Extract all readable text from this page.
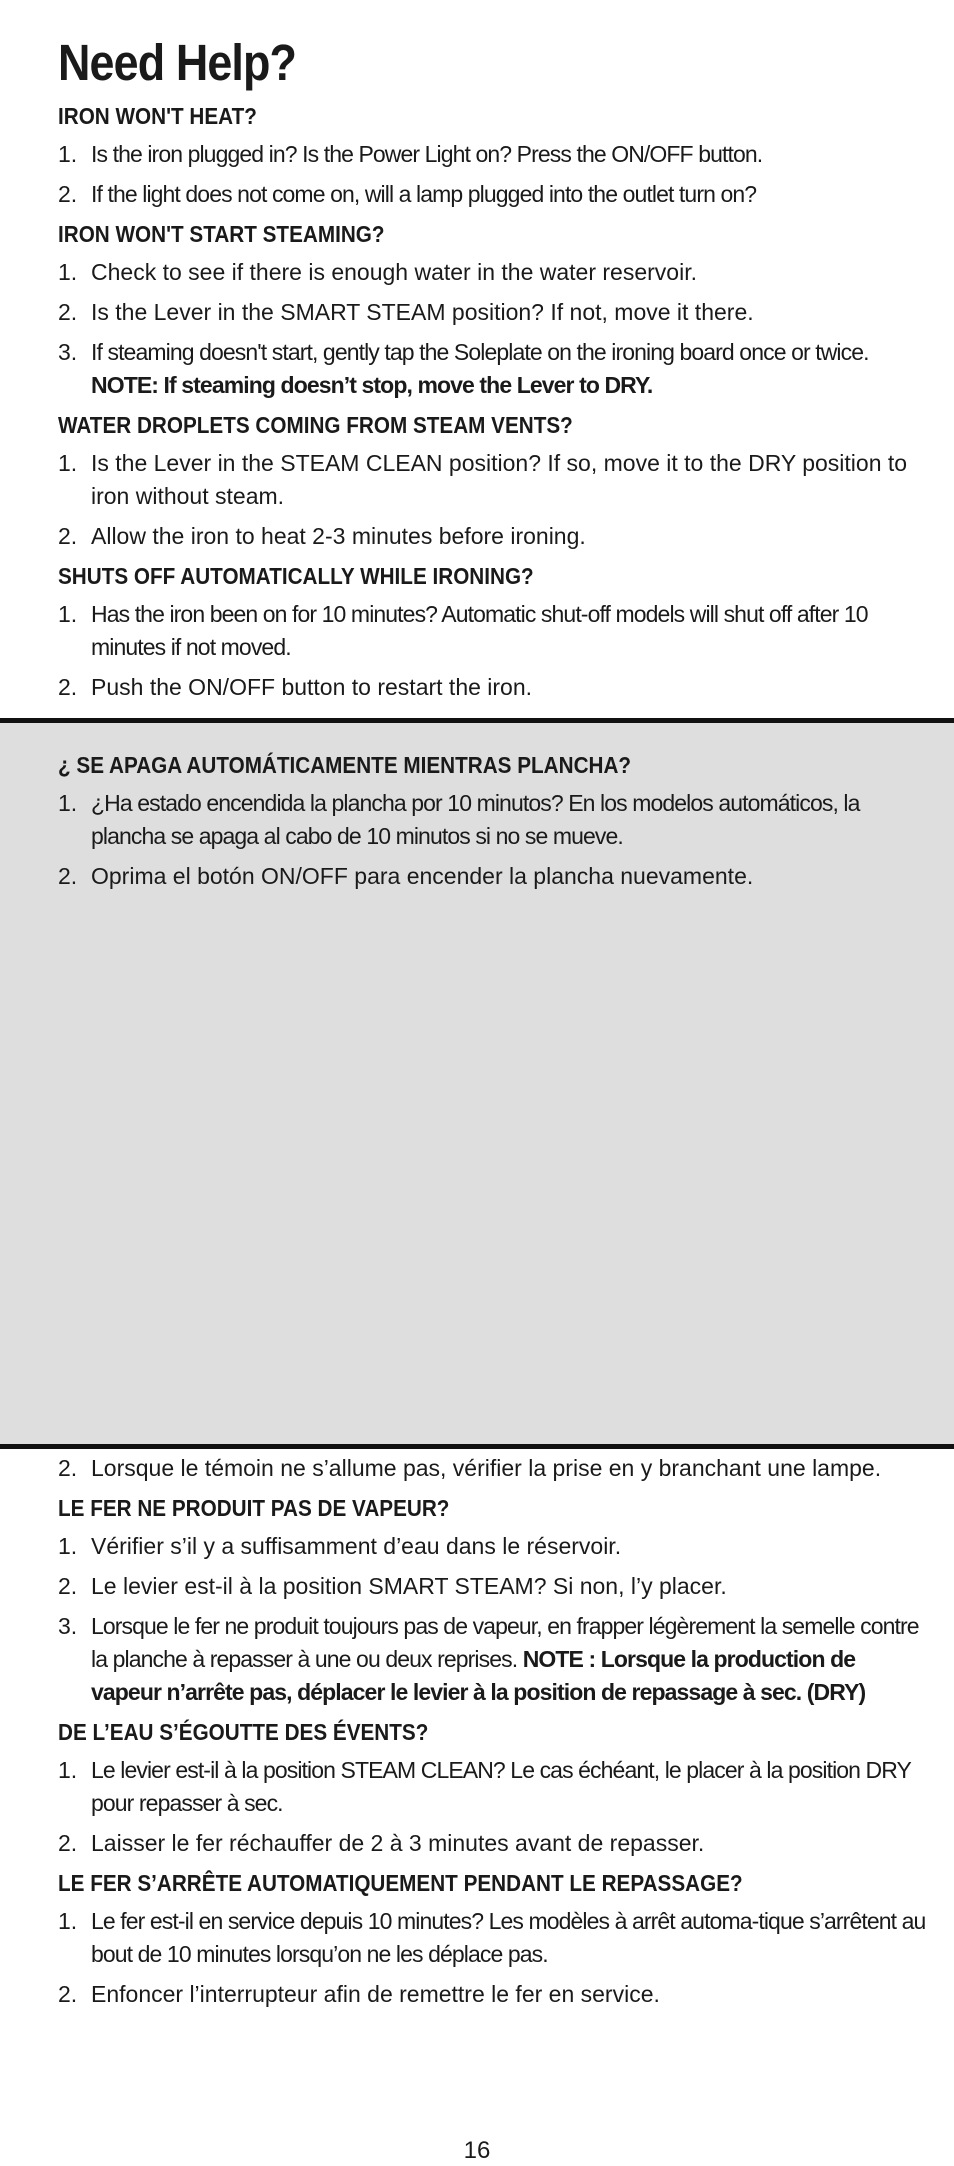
Need Help?
IRON WON'T HEAT?
1. Is the iron plugged in? Is the Power Light on? Press the ON/OFF button.
2. If the light does not come on, will a lamp plugged into the outlet turn on?
IRON WON'T START STEAMING?
1. Check to see if there is enough water in the water reservoir.
2. Is the Lever in the SMART STEAM position? If not, move it there.
3. If steaming doesn't start, gently tap the Soleplate on the ironing board once or twice. NOTE: If steaming doesn’t stop, move the Lever to DRY.
WATER DROPLETS COMING FROM STEAM VENTS?
1. Is the Lever in the STEAM CLEAN position? If so, move it to the DRY position to iron without steam.
2. Allow the iron to heat 2-3 minutes before ironing.
SHUTS OFF AUTOMATICALLY WHILE IRONING?
1. Has the iron been on for 10 minutes? Automatic shut-off models will shut off after 10 minutes if not moved.
2. Push the ON/OFF button to restart the iron.
¿ SE APAGA AUTOMÁTICAMENTE MIENTRAS PLANCHA?
1. ¿Ha estado encendida la plancha por 10 minutos? En los modelos automáticos, la plancha se apaga al cabo de 10 minutos si no se mueve.
2. Oprima el botón ON/OFF para encender la plancha nuevamente.
2. Lorsque le témoin ne s’allume pas, vérifier la prise en y branchant une lampe.
LE FER NE PRODUIT PAS DE VAPEUR?
1. Vérifier s’il y a suffisamment d’eau dans le réservoir.
2. Le levier est-il à la position SMART STEAM? Si non, l’y placer.
3. Lorsque le fer ne produit toujours pas de vapeur, en frapper légèrement la semelle contre la planche à repasser à une ou deux reprises. NOTE : Lorsque la production de vapeur n’arrête pas, déplacer le levier à la position de repassage à sec. (DRY)
DE L’EAU S’ÉGOUTTE DES ÉVENTS?
1. Le levier est-il à la position STEAM CLEAN? Le cas échéant, le placer à la position DRY pour repasser à sec.
2. Laisser le fer réchauffer de 2 à 3 minutes avant de repasser.
LE FER S’ARRÊTE AUTOMATIQUEMENT PENDANT LE REPASSAGE?
1. Le fer est-il en service depuis 10 minutes? Les modèles à arrêt automa-tique s’arrêtent au bout de 10 minutes lorsqu’on ne les déplace pas.
2. Enfoncer l’interrupteur afin de remettre le fer en service.
16
